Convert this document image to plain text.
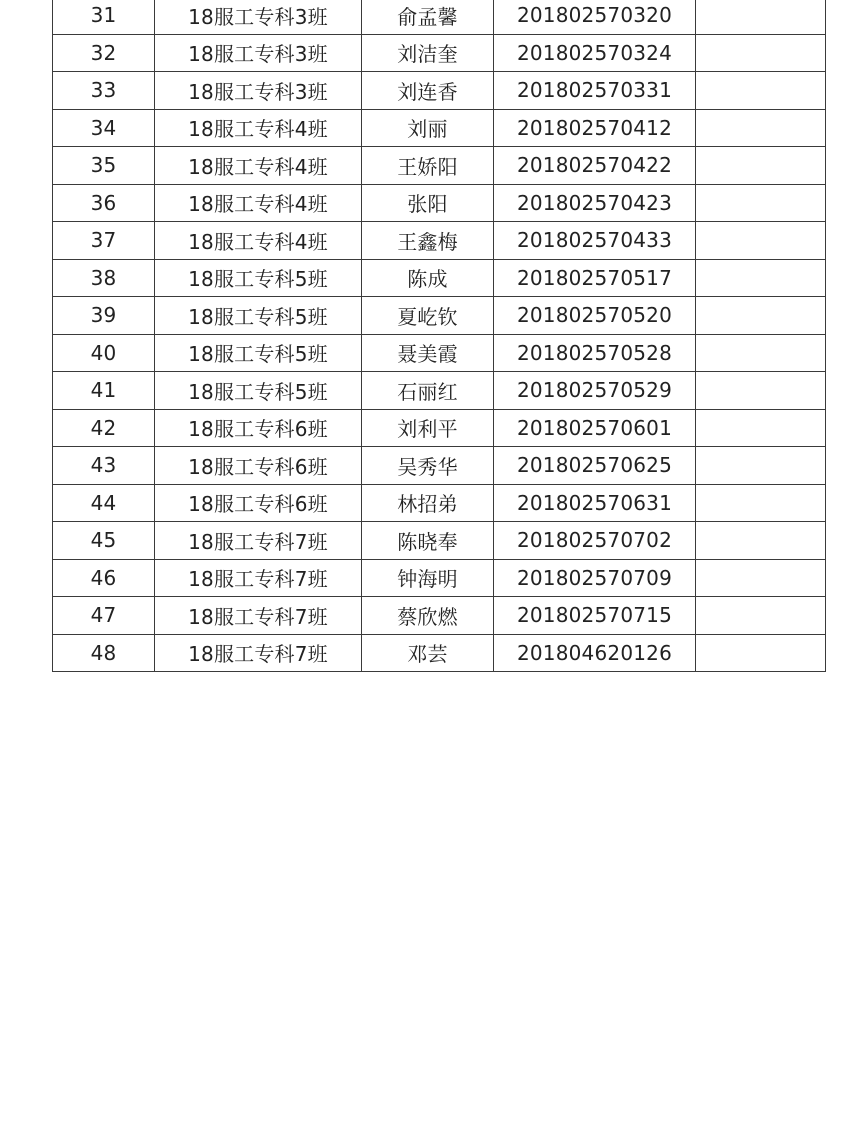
31	18服工专科3班	俞孟馨	201802570320	
32	18服工专科3班	刘洁奎	201802570324	
33	18服工专科3班	刘连香	201802570331	
34	18服工专科4班	刘丽	201802570412	
35	18服工专科4班	王娇阳	201802570422	
36	18服工专科4班	张阳	201802570423	
37	18服工专科4班	王鑫梅	201802570433	
38	18服工专科5班	陈成	201802570517	
39	18服工专科5班	夏屹钦	201802570520	
40	18服工专科5班	聂美霞	201802570528	
41	18服工专科5班	石丽红	201802570529	
42	18服工专科6班	刘利平	201802570601	
43	18服工专科6班	吴秀华	201802570625	
44	18服工专科6班	林招弟	201802570631	
45	18服工专科7班	陈晓奉	201802570702	
46	18服工专科7班	钟海明	201802570709	
47	18服工专科7班	蔡欣燃	201802570715	
48	18服工专科7班	邓芸	201804620126	
